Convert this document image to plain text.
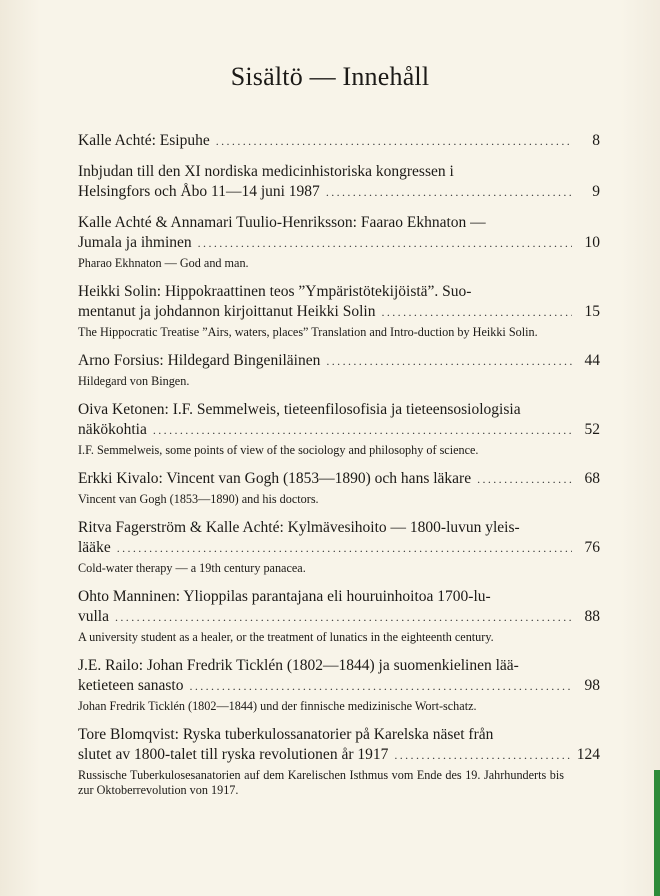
Sisältö — Innehåll
Kalle Achté: Esipuhe .....	8
Inbjudan till den XI nordiska medicinhistoriska kongressen i
Helsingfors och Åbo 11—14 juni 1987 .....	9
Kalle Achté & Annamari Tuulio-Henriksson: Faarao Ekhnaton —
Jumala ja ihminen .....	10
Pharao Ekhnaton — God and man.
Heikki Solin: Hippokraattinen teos ”Ympäristötekijöistä”. Suo-
mentanut ja johdannon kirjoittanut Heikki Solin .....	15
The Hippocratic Treatise ”Airs, waters, places” Translation and Intro-duction by Heikki Solin.
Arno Forsius: Hildegard Bingeniläinen .....	44
Hildegard von Bingen.
Oiva Ketonen: I.F. Semmelweis, tieteenfilosofisia ja tieteensosiologisia
näkökohtia .....	52
I.F. Semmelweis, some points of view of the sociology and philosophy of science.
Erkki Kivalo: Vincent van Gogh (1853—1890) och hans läkare .....	68
Vincent van Gogh (1853—1890) and his doctors.
Ritva Fagerström & Kalle Achté: Kylmävesihoito — 1800-luvun yleis-
lääke .....	76
Cold-water therapy — a 19th century panacea.
Ohto Manninen: Ylioppilas parantajana eli houruinhoitoa 1700-lu-
vulla .....	88
A university student as a healer, or the treatment of lunatics in the eighteenth century.
J.E. Railo: Johan Fredrik Ticklén (1802—1844) ja suomenkielinen lää-
ketieteen sanasto .....	98
Johan Fredrik Ticklén (1802—1844) und der finnische medizinische Wort-schatz.
Tore Blomqvist: Ryska tuberkulossanatorier på Karelska näset från
slutet av 1800-talet till ryska revolutionen år 1917 .....	124
Russische Tuberkulosesanatorien auf dem Karelischen Isthmus vom Ende des 19. Jahrhunderts bis zur Oktoberrevolution von 1917.
